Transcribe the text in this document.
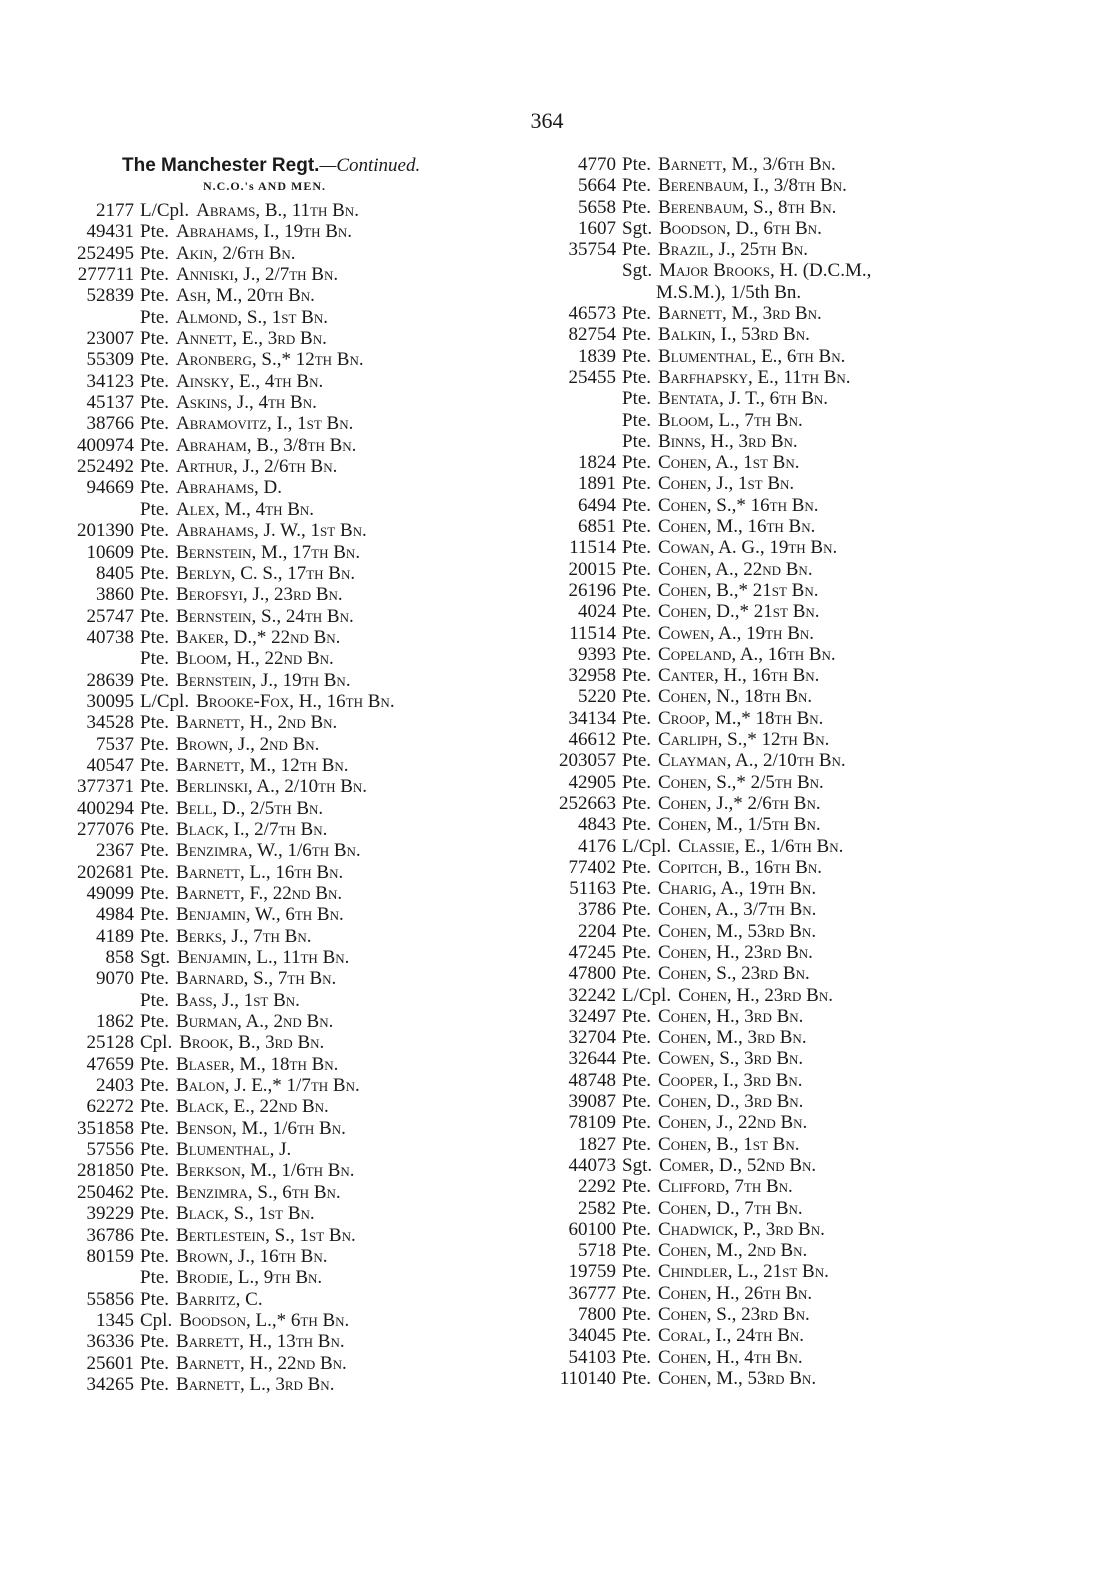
364
The Manchester Regt.—Continued.
N.C.O.'s AND MEN.
2177 L/Cpl. Abrams, B., 11th Bn.
49431 Pte. Abrahams, I., 19th Bn.
252495 Pte. Akin, 2/6th Bn.
277711 Pte. Anniski, J., 2/7th Bn.
52839 Pte. Ash, M., 20th Bn.
Pte. Almond, S., 1st Bn.
23007 Pte. Annett, E., 3rd Bn.
55309 Pte. Aronberg, S.,* 12th Bn.
34123 Pte. Ainsky, E., 4th Bn.
45137 Pte. Askins, J., 4th Bn.
38766 Pte. Abramovitz, I., 1st Bn.
400974 Pte. Abraham, B., 3/8th Bn.
252492 Pte. Arthur, J., 2/6th Bn.
94669 Pte. Abrahams, D.
Pte. Alex, M., 4th Bn.
201390 Pte. Abrahams, J. W., 1st Bn.
10609 Pte. Bernstein, M., 17th Bn.
8405 Pte. Berlyn, C. S., 17th Bn.
3860 Pte. Berofsyi, J., 23rd Bn.
25747 Pte. Bernstein, S., 24th Bn.
40738 Pte. Baker, D.,* 22nd Bn.
Pte. Bloom, H., 22nd Bn.
28639 Pte. Bernstein, J., 19th Bn.
30095 L/Cpl. Brooke-Fox, H., 16th Bn.
34528 Pte. Barnett, H., 2nd Bn.
7537 Pte. Brown, J., 2nd Bn.
40547 Pte. Barnett, M., 12th Bn.
377371 Pte. Berlinski, A., 2/10th Bn.
400294 Pte. Bell, D., 2/5th Bn.
277076 Pte. Black, I., 2/7th Bn.
2367 Pte. Benzimra, W., 1/6th Bn.
202681 Pte. Barnett, L., 16th Bn.
49099 Pte. Barnett, F., 22nd Bn.
4984 Pte. Benjamin, W., 6th Bn.
4189 Pte. Berks, J., 7th Bn.
858 Sgt. Benjamin, L., 11th Bn.
9070 Pte. Barnard, S., 7th Bn.
Pte. Bass, J., 1st Bn.
1862 Pte. Burman, A., 2nd Bn.
25128 Cpl. Brook, B., 3rd Bn.
47659 Pte. Blaser, M., 18th Bn.
2403 Pte. Balon, J. E.,* 1/7th Bn.
62272 Pte. Black, E., 22nd Bn.
351858 Pte. Benson, M., 1/6th Bn.
57556 Pte. Blumenthal, J.
281850 Pte. Berkson, M., 1/6th Bn.
250462 Pte. Benzimra, S., 6th Bn.
39229 Pte. Black, S., 1st Bn.
36786 Pte. Bertlestein, S., 1st Bn.
80159 Pte. Brown, J., 16th Bn.
Pte. Brodie, L., 9th Bn.
55856 Pte. Barritz, C.
1345 Cpl. Boodson, L.,* 6th Bn.
36336 Pte. Barrett, H., 13th Bn.
25601 Pte. Barnett, H., 22nd Bn.
34265 Pte. Barnett, L., 3rd Bn.
4770 Pte. Barnett, M., 3/6th Bn.
5664 Pte. Berenbaum, I., 3/8th Bn.
5658 Pte. Berenbaum, S., 8th Bn.
1607 Sgt. Boodson, D., 6th Bn.
35754 Pte. Brazil, J., 25th Bn.
Sgt. Major Brooks, H. (D.C.M.,
M.S.M.), 1/5th Bn.
46573 Pte. Barnett, M., 3rd Bn.
82754 Pte. Balkin, I., 53rd Bn.
1839 Pte. Blumenthal, E., 6th Bn.
25455 Pte. Barfhapsky, E., 11th Bn.
Pte. Bentata, J. T., 6th Bn.
Pte. Bloom, L., 7th Bn.
Pte. Binns, H., 3rd Bn.
1824 Pte. Cohen, A., 1st Bn.
1891 Pte. Cohen, J., 1st Bn.
6494 Pte. Cohen, S.,* 16th Bn.
6851 Pte. Cohen, M., 16th Bn.
11514 Pte. Cowan, A. G., 19th Bn.
20015 Pte. Cohen, A., 22nd Bn.
26196 Pte. Cohen, B.,* 21st Bn.
4024 Pte. Cohen, D.,* 21st Bn.
11514 Pte. Cowen, A., 19th Bn.
9393 Pte. Copeland, A., 16th Bn.
32958 Pte. Canter, H., 16th Bn.
5220 Pte. Cohen, N., 18th Bn.
34134 Pte. Croop, M.,* 18th Bn.
46612 Pte. Carliph, S.,* 12th Bn.
203057 Pte. Clayman, A., 2/10th Bn.
42905 Pte. Cohen, S.,* 2/5th Bn.
252663 Pte. Cohen, J.,* 2/6th Bn.
4843 Pte. Cohen, M., 1/5th Bn.
4176 L/Cpl. Classie, E., 1/6th Bn.
77402 Pte. Copitch, B., 16th Bn.
51163 Pte. Charig, A., 19th Bn.
3786 Pte. Cohen, A., 3/7th Bn.
2204 Pte. Cohen, M., 53rd Bn.
47245 Pte. Cohen, H., 23rd Bn.
47800 Pte. Cohen, S., 23rd Bn.
32242 L/Cpl. Cohen, H., 23rd Bn.
32497 Pte. Cohen, H., 3rd Bn.
32704 Pte. Cohen, M., 3rd Bn.
32644 Pte. Cowen, S., 3rd Bn.
48748 Pte. Cooper, I., 3rd Bn.
39087 Pte. Cohen, D., 3rd Bn.
78109 Pte. Cohen, J., 22nd Bn.
1827 Pte. Cohen, B., 1st Bn.
44073 Sgt. Comer, D., 52nd Bn.
2292 Pte. Clifford, 7th Bn.
2582 Pte. Cohen, D., 7th Bn.
60100 Pte. Chadwick, P., 3rd Bn.
5718 Pte. Cohen, M., 2nd Bn.
19759 Pte. Chindler, L., 21st Bn.
36777 Pte. Cohen, H., 26th Bn.
7800 Pte. Cohen, S., 23rd Bn.
34045 Pte. Coral, I., 24th Bn.
54103 Pte. Cohen, H., 4th Bn.
110140 Pte. Cohen, M., 53rd Bn.
